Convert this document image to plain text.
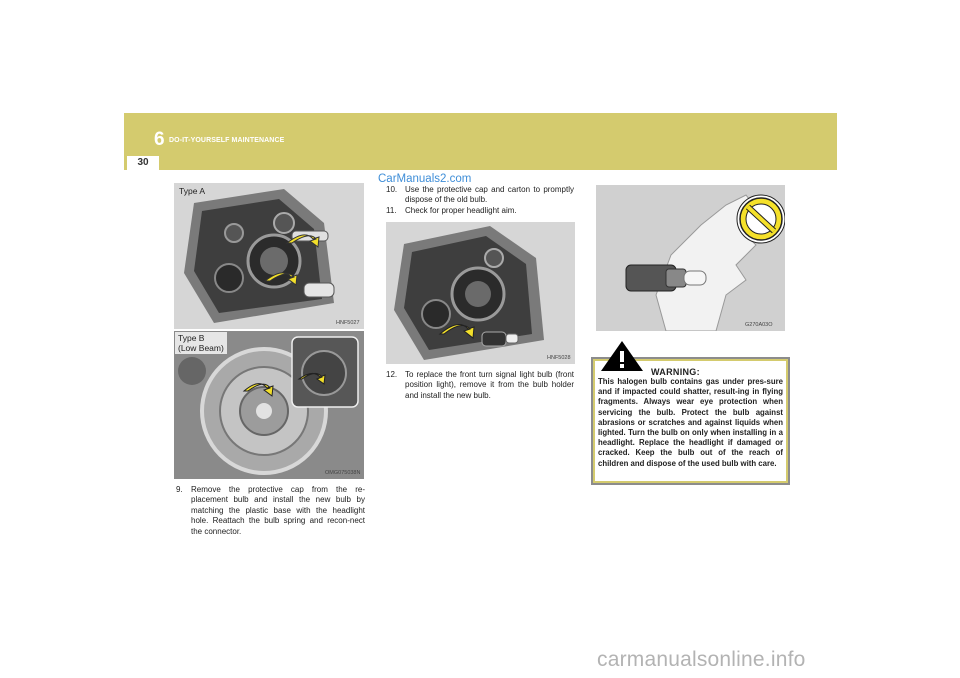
6 DO-IT-YOURSELF MAINTENANCE
30
CarManuals2.com
Type A
HNF5027
Type B
(Low Beam)
OMG075038N
9. Remove the protective cap from the re-placement bulb and install the new bulb by matching the plastic base with the headlight hole. Reattach the bulb spring and recon-nect the connector.
10. Use the protective cap and carton to promptly dispose of the old bulb.
11. Check for proper headlight aim.
HNF5028
12. To replace the front turn signal light bulb (front position light), remove it from the bulb holder and install the new bulb.
G270A03O
This halogen bulb contains gas under pres-sure and if impacted could shatter, result-ing in flying fragments. Always wear eye protection when servicing the bulb. Protect the bulb against abrasions or scratches and against liquids when lighted. Turn the bulb on only when installing in a headlight. Replace the headlight if damaged or cracked. Keep the bulb out of the reach of children and dispose of the used bulb with care.
WARNING:
carmanualsonline.info
